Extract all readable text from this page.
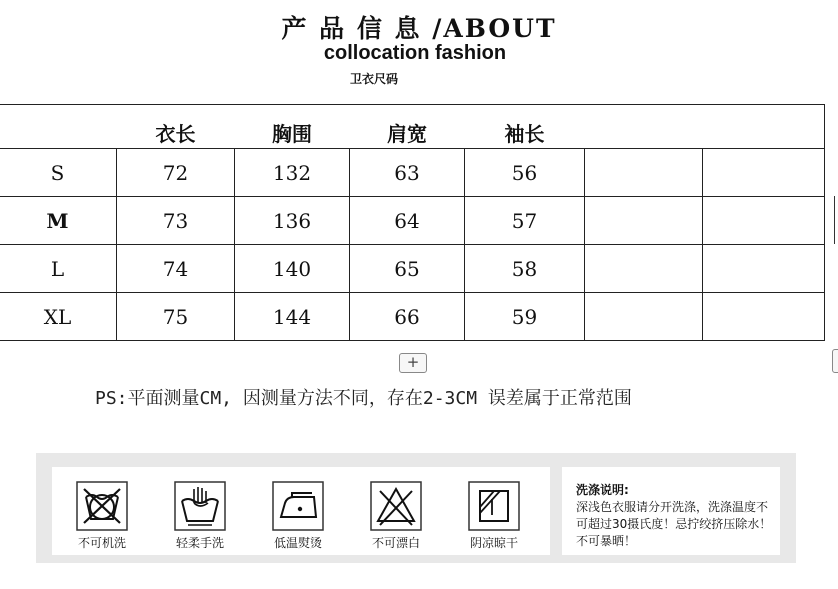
产 品 信 息 /ABOUT
collocation fashion
卫衣尺码
	衣长	胸围	肩宽	袖长		
S	72	132	63	56		
M	73	136	64	57		
L	74	140	65	58		
XL	75	144	66	59		
+
PS:平面测量CM, 因测量方法不同，存在2-3CM 误差属于正常范围
不可机洗	轻柔手洗	低温熨烫	不可漂白	阴凉晾干
洗涤说明:
深浅色衣服请分开洗涤，洗涤温度不可超过30摄氏度！忌拧绞挤压除水！不可暴晒！
